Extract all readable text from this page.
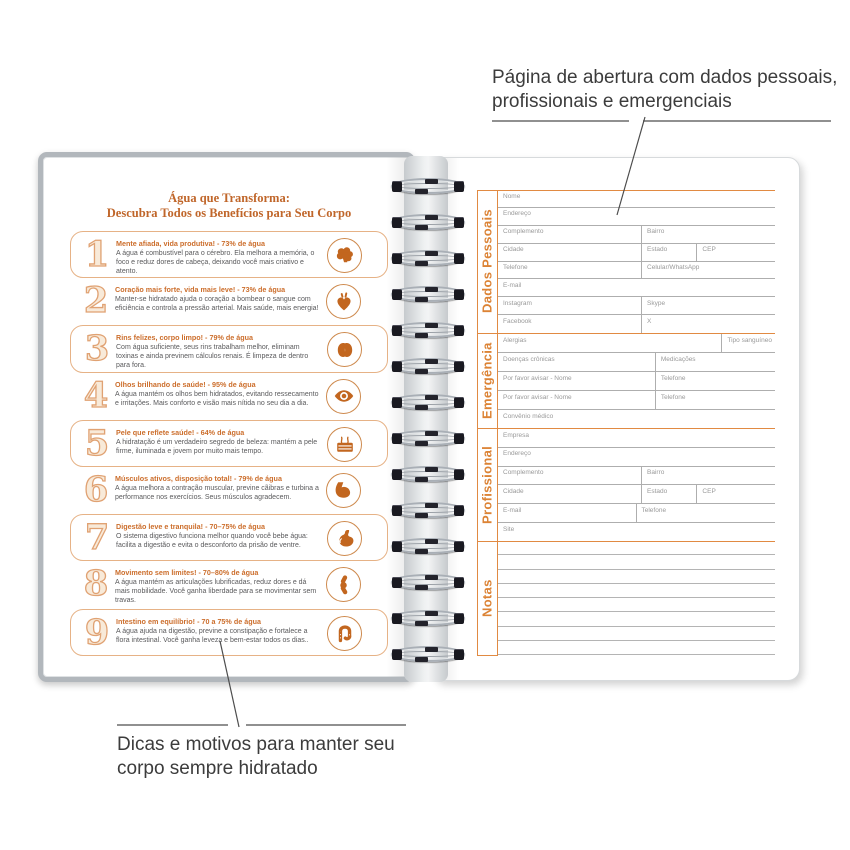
Página de abertura com dados pessoais,
profissionais e emergenciais
Dicas e motivos para manter seu
corpo sempre hidratado
Água que Transforma:
Descubra Todos os Benefícios para Seu Corpo
1 Mente afiada, vida produtiva! - 73% de água
A água é combustível para o cérebro. Ela melhora a memória, o foco e reduz dores de cabeça, deixando você mais criativo e atento.
2 Coração mais forte, vida mais leve! - 73% de água
Manter-se hidratado ajuda o coração a bombear o sangue com eficiência e controla a pressão arterial. Mais saúde, mais energia!
3 Rins felizes, corpo limpo! - 79% de água
Com água suficiente, seus rins trabalham melhor, eliminam toxinas e ainda previnem cálculos renais. É limpeza de dentro para fora.
4 Olhos brilhando de saúde! - 95% de água
A água mantém os olhos bem hidratados, evitando ressecamento e irritações. Mais conforto e visão mais nítida no seu dia a dia.
5 Pele que reflete saúde! - 64% de água
A hidratação é um verdadeiro segredo de beleza: mantém a pele firme, iluminada e jovem por muito mais tempo.
6 Músculos ativos, disposição total! - 79% de água
A água melhora a contração muscular, previne cãibras e turbina a performance nos exercícios. Seus músculos agradecem.
7 Digestão leve e tranquila! - 70–75% de água
O sistema digestivo funciona melhor quando você bebe água: facilita a digestão e evita o desconforto da prisão de ventre.
8 Movimento sem limites! - 70–80% de água
A água mantém as articulações lubrificadas, reduz dores e dá mais mobilidade. Você ganha liberdade para se movimentar sem travas.
9 Intestino em equilíbrio! - 70 a 75% de água
A água ajuda na digestão, previne a constipação e fortalece a flora intestinal. Você ganha leveza e bem-estar todos os dias..
Dados Pessoais
Emergência
Profissional
Notas
Nome
Endereço
Complemento	Bairro
Cidade	Estado	CEP
Telefone	Celular/WhatsApp
E-mail
Instagram	Skype
Facebook	X
Alergias	Tipo sanguíneo
Doenças crônicas	Medicações
Por favor avisar - Nome	Telefone
Por favor avisar - Nome	Telefone
Convênio médico
Empresa
Endereço
Complemento	Bairro
Cidade	Estado	CEP
E-mail	Telefone
Site
